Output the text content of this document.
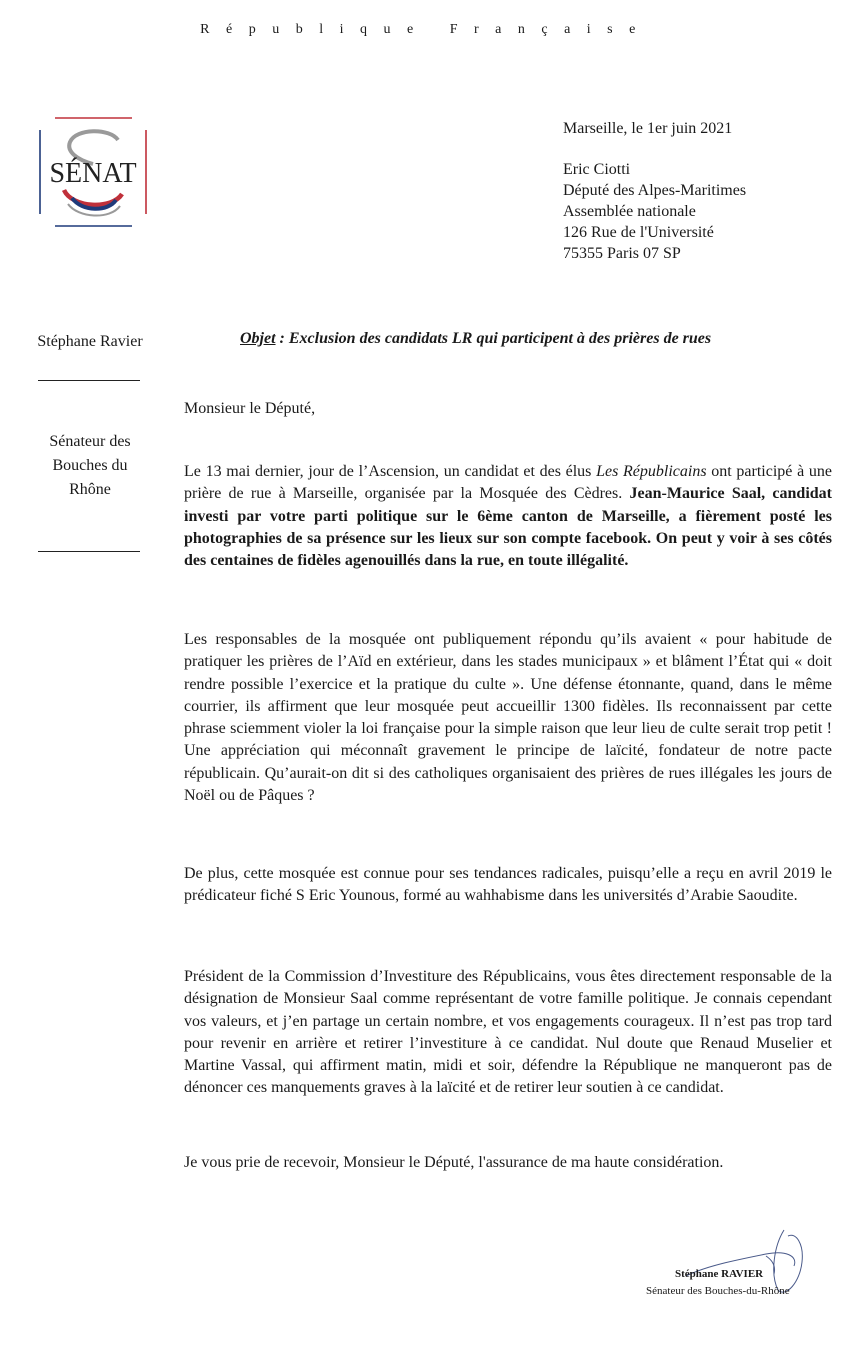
République Française
SÉNAT
Marseille, le 1er juin 2021
Eric Ciotti
Député des Alpes-Maritimes
Assemblée nationale
126 Rue de l'Université
75355 Paris 07 SP
Stéphane Ravier
Sénateur des
Bouches du
Rhône
Objet : Exclusion des candidats LR qui participent à des prières de rues
Monsieur le Député,
Le 13 mai dernier, jour de l’Ascension, un candidat et des élus Les Républicains ont participé à une prière de rue à Marseille, organisée par la Mosquée des Cèdres. Jean-Maurice Saal, candidat investi par votre parti politique sur le 6ème canton de Marseille, a fièrement posté les photographies de sa présence sur les lieux sur son compte facebook. On peut y voir à ses côtés des centaines de fidèles agenouillés dans la rue, en toute illégalité.
Les responsables de la mosquée ont publiquement répondu qu’ils avaient « pour habitude de pratiquer les prières de l’Aïd en extérieur, dans les stades municipaux » et blâment l’État qui « doit rendre possible l’exercice et la pratique du culte ». Une défense étonnante, quand, dans le même courrier, ils affirment que leur mosquée peut accueillir 1300 fidèles. Ils reconnaissent par cette phrase sciemment violer la loi française pour la simple raison que leur lieu de culte serait trop petit ! Une appréciation qui méconnaît gravement le principe de laïcité, fondateur de notre pacte républicain. Qu’aurait-on dit si des catholiques organisaient des prières de rues illégales les jours de Noël ou de Pâques ?
De plus, cette mosquée est connue pour ses tendances radicales, puisqu’elle a reçu en avril 2019 le prédicateur fiché S Eric Younous, formé au wahhabisme dans les universités d’Arabie Saoudite.
Président de la Commission d’Investiture des Républicains, vous êtes directement responsable de la désignation de Monsieur Saal comme représentant de votre famille politique. Je connais cependant vos valeurs, et j’en partage un certain nombre, et vos engagements courageux. Il n’est pas trop tard pour revenir en arrière et retirer l’investiture à ce candidat. Nul doute que Renaud Muselier et Martine Vassal, qui affirment matin, midi et soir, défendre la République ne manqueront pas de dénoncer ces manquements graves à la laïcité et de retirer leur soutien à ce candidat.
Je vous prie de recevoir, Monsieur le Député, l'assurance de ma haute considération.
Stéphane RAVIER
Sénateur des Bouches-du-Rhône
